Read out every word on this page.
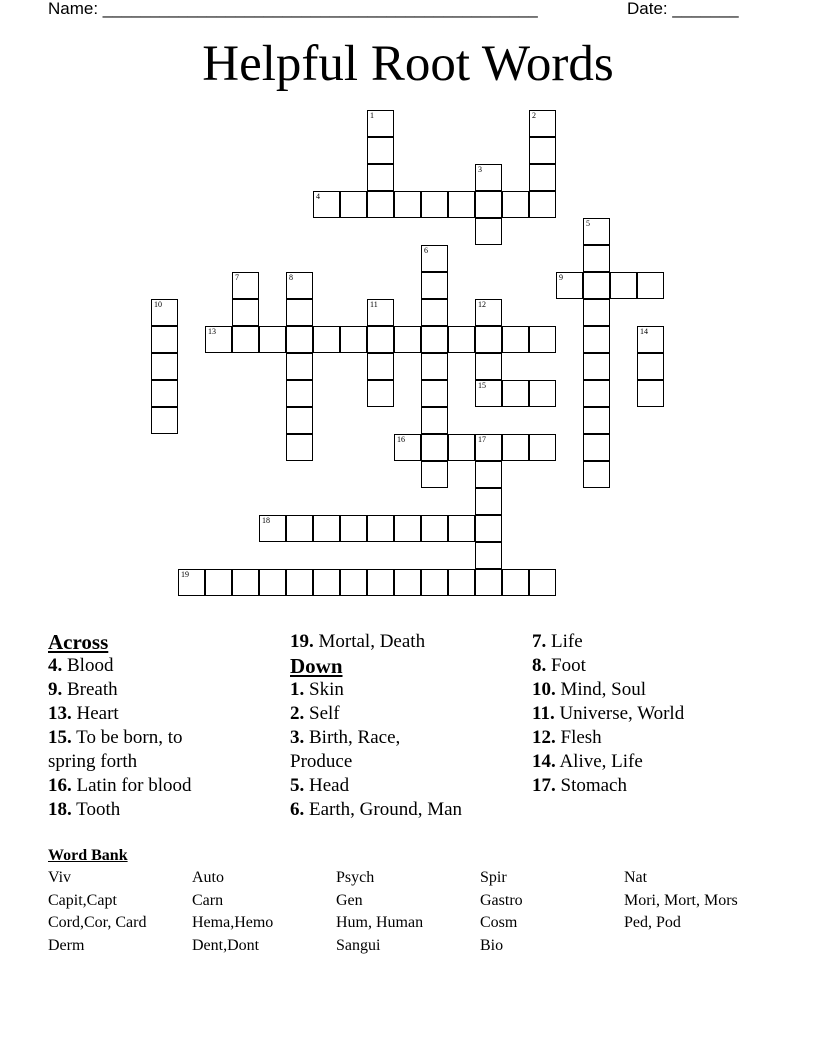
Name: ______________________________________________	Date: _______
Helpful Root Words
4
9
13
15
16	17
18
19
1	2
3
5
6
7	8
10	11	12
14
Across
4. Blood
9. Breath
13. Heart
15. To be born, to spring forth
16. Latin for blood
18. Tooth
19. Mortal, Death
Down
1. Skin
2. Self
3. Birth, Race, Produce
5. Head
6. Earth, Ground, Man
7. Life
8. Foot
10. Mind, Soul
11. Universe, World
12. Flesh
14. Alive, Life
17. Stomach
Word Bank
Viv	Auto	Psych	Spir	Nat
Capit,Capt	Carn	Gen	Gastro	Mori, Mort, Mors
Cord,Cor, Card	Hema,Hemo	Hum, Human	Cosm	Ped, Pod
Derm	Dent,Dont	Sangui	Bio
